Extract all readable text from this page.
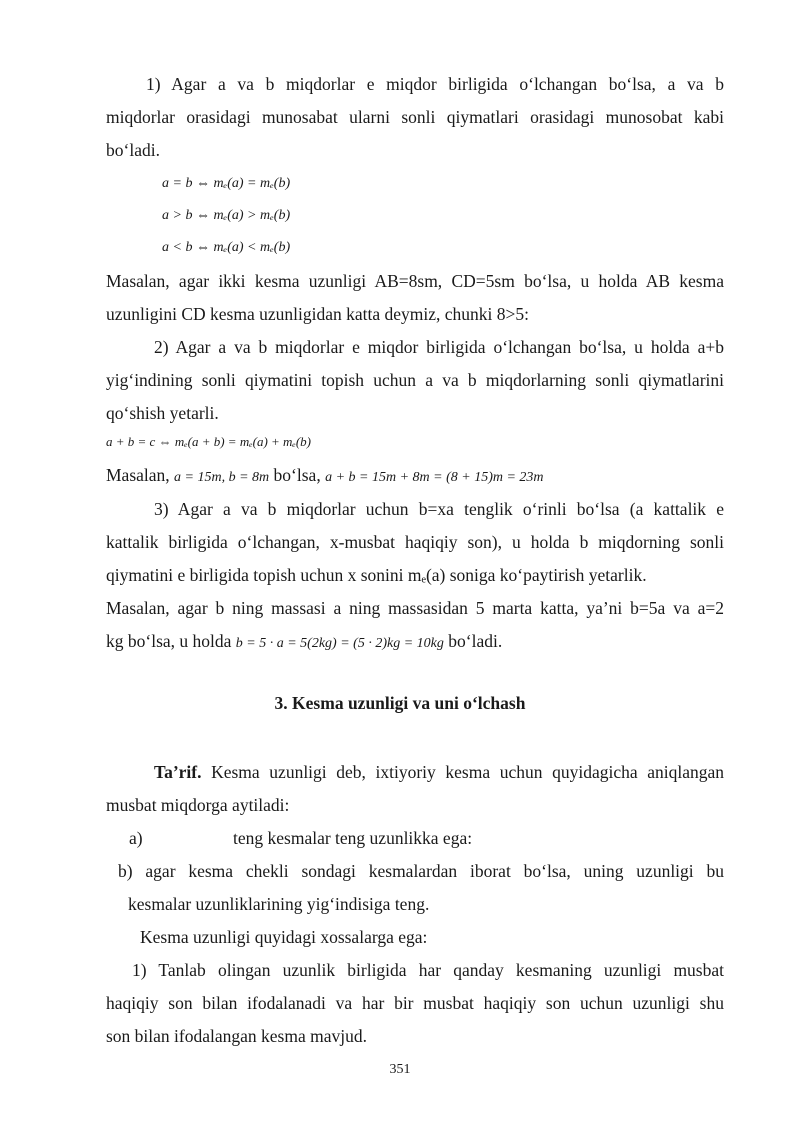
1) Agar a va b miqdorlar e miqdor birligida o‘lchangan bo‘lsa, a va b
miqdorlar orasidagi munosabat ularni sonli qiymatlari orasidagi munosobat kabi
bo‘ladi.
a = b ⇔ mₑ(a) = mₑ(b)
a > b ⇔ mₑ(a) > mₑ(b)
a < b ⇔ mₑ(a) < mₑ(b)
Masalan, agar ikki kesma uzunligi AB=8sm, CD=5sm bo‘lsa, u holda AB kesma
uzunligini CD kesma uzunligidan katta deymiz, chunki 8>5:
2) Agar a va b miqdorlar e miqdor birligida o‘lchangan bo‘lsa, u holda a+b
yig‘indining sonli qiymatini topish uchun a va b miqdorlarning sonli qiymatlarini
qo‘shish yetarli.
a + b = c ⇔ mₑ(a + b) = mₑ(a) + mₑ(b)
Masalan, a = 15m, b = 8m bo‘lsa, a + b = 15m + 8m = (8 + 15)m = 23m
3) Agar a va b miqdorlar uchun b=xa tenglik o‘rinli bo‘lsa (a kattalik e
kattalik birligida o‘lchangan, x-musbat haqiqiy son), u holda b miqdorning sonli
qiymatini e birligida topish uchun x sonini mₑ(a) soniga ko‘paytirish yetarlik.
Masalan, agar b ning massasi a ning massasidan 5 marta katta, ya’ni b=5a va a=2
kg bo‘lsa, u holda b = 5 · a = 5(2kg) = (5 · 2)kg = 10kg bo‘ladi.
3. Kesma uzunligi va uni o‘lchash
Ta’rif. Kesma uzunligi deb, ixtiyoriy kesma uchun quyidagicha aniqlangan
musbat miqdorga aytiladi:
a)	teng kesmalar teng uzunlikka ega:
b) agar kesma chekli sondagi kesmalardan iborat bo‘lsa, uning uzunligi bu
kesmalar uzunliklarining yig‘indisiga teng.
Kesma uzunligi quyidagi xossalarga ega:
1) Tanlab olingan uzunlik birligida har qanday kesmaning uzunligi musbat
haqiqiy son bilan ifodalanadi va har bir musbat haqiqiy son uchun uzunligi shu
son bilan ifodalangan kesma mavjud.
351
